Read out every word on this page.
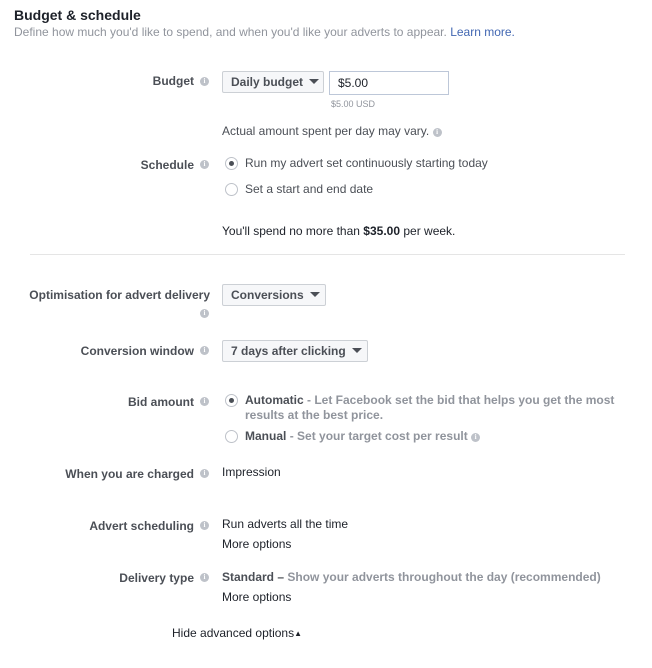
Budget & schedule
Define how much you'd like to spend, and when you'd like your adverts to appear. Learn more.
Budget	i	Daily budget
$5.00
$5.00 USD
Actual amount spent per day may vary. i
Schedule	i	Run my advert set continuously starting today
Set a start and end date
You'll spend no more than $35.00 per week.
Optimisation for advert delivery
i
Conversions
Conversion window	i	7 days after clicking
Bid amount	i	Automatic - Let Facebook set the bid that helps you get the most
results at the best price.
Manual - Set your target cost per result i
When you are charged	i Impression
Advert scheduling	i Run adverts all the time
More options
Delivery type	i Standard – Show your adverts throughout the day (recommended)
More options
Hide advanced options▲
